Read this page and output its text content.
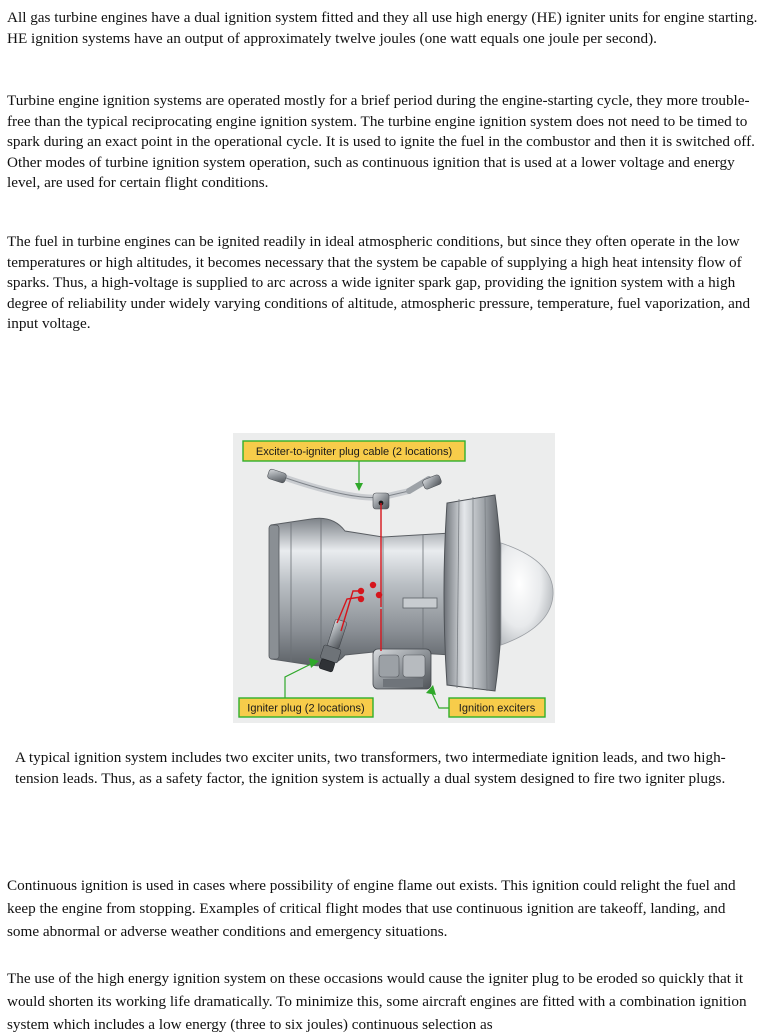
All gas turbine engines have a dual ignition system fitted and they all use high energy (HE) igniter units for engine starting. HE ignition systems have an output of approximately twelve joules (one watt equals one joule per second).

Turbine engine ignition systems are operated mostly for a brief period during the engine-starting cycle, they more trouble-free than the typical reciprocating engine ignition system. The turbine engine ignition system does not need to be timed to spark during an exact point in the operational cycle. It is used to ignite the fuel in the combustor and then it is switched off. Other modes of turbine ignition system operation, such as continuous ignition that is used at a lower voltage and energy level, are used for certain flight conditions.

The fuel in turbine engines can be ignited readily in ideal atmospheric conditions, but since they often operate in the low temperatures or high altitudes, it becomes necessary that the system be capable of supplying a high heat intensity flow of sparks. Thus, a high-voltage is supplied to arc across a wide igniter spark gap, providing the ignition system with a high degree of reliability under widely varying conditions of altitude, atmospheric pressure, temperature, fuel vaporization, and input voltage.

Exciter-to-igniter plug cable (2 locations)
Igniter plug (2 locations)	Ignition exciters

A typical ignition system includes two exciter units, two transformers, two intermediate ignition leads, and two high-tension leads. Thus, as a safety factor, the ignition system is actually a dual system designed to fire two igniter plugs.

Continuous ignition is used in cases where possibility of engine flame out exists. This ignition could relight the fuel and keep the engine from stopping. Examples of critical flight modes that use continuous ignition are takeoff, landing, and some abnormal or adverse weather conditions and emergency situations.

The use of the high energy ignition system on these occasions would cause the igniter plug to be eroded so quickly that it would shorten its working life dramatically. To minimize this, some aircraft engines are fitted with a combination ignition system which includes a low energy (three to six joules) continuous selection as
